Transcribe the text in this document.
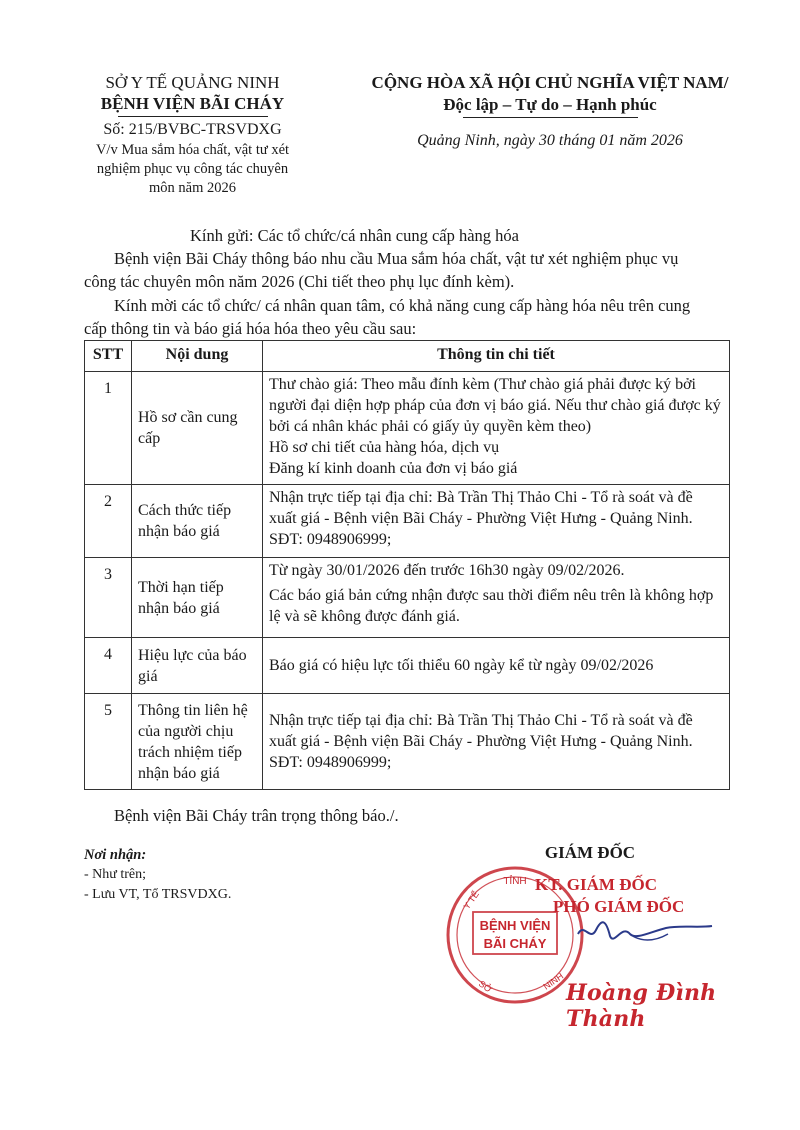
SỞ Y TẾ QUẢNG NINH
BỆNH VIỆN BÃI CHÁY
Số: 215/BVBC-TRSVDXG
V/v Mua sắm hóa chất, vật tư xét
nghiệm phục vụ công tác chuyên
môn năm 2026
CỘNG HÒA XÃ HỘI CHỦ NGHĨA VIỆT NAM/
Độc lập – Tự do – Hạnh phúc
Quảng Ninh, ngày 30 tháng 01 năm 2026
Kính gửi: Các tổ chức/cá nhân cung cấp hàng hóa
Bệnh viện Bãi Cháy thông báo nhu cầu Mua sắm hóa chất, vật tư xét nghiệm phục vụ
công tác chuyên môn năm 2026 (Chi tiết theo phụ lục đính kèm).
Kính mời các tổ chức/ cá nhân quan tâm, có khả năng cung cấp hàng hóa nêu trên cung
cấp thông tin và báo giá hóa hóa theo yêu cầu sau:
STT	Nội dung	Thông tin chi tiết
1	Hồ sơ cần cung cấp	Thư chào giá: Theo mẫu đính kèm (Thư chào giá phải được ký bởi người đại diện hợp pháp của đơn vị báo giá. Nếu thư chào giá được ký bởi cá nhân khác phải có giấy ủy quyền kèm theo)
Hồ sơ chi tiết của hàng hóa, dịch vụ
Đăng kí kinh doanh của đơn vị báo giá

2	Cách thức tiếp nhận báo giá	Nhận trực tiếp tại địa chỉ: Bà Trần Thị Thảo Chi - Tổ rà soát và đề xuất giá - Bệnh viện Bãi Cháy - Phường Việt Hưng - Quảng Ninh. SĐT: 0948906999;

3	Thời hạn tiếp nhận báo giá	Từ ngày 30/01/2026 đến trước 16h30 ngày 09/02/2026.
Các báo giá bản cứng nhận được sau thời điểm nêu trên là không hợp lệ và sẽ không được đánh giá.

4	Hiệu lực của báo giá	Báo giá có hiệu lực tối thiểu 60 ngày kể từ ngày 09/02/2026

5	Thông tin liên hệ của người chịu trách nhiệm tiếp nhận báo giá	Nhận trực tiếp tại địa chỉ: Bà Trần Thị Thảo Chi - Tổ rà soát và đề xuất giá - Bệnh viện Bãi Cháy - Phường Việt Hưng - Quảng Ninh. SĐT: 0948906999;
Bệnh viện Bãi Cháy trân trọng thông báo./.
Nơi nhận:
- Như trên;
- Lưu VT, Tổ TRSVDXG.
GIÁM ĐỐC
KT. GIÁM ĐỐC
PHÓ GIÁM ĐỐC
TỈNH
BỆNH VIỆN
BÃI CHÁY
Y TẾ
SỞ	NINH Hoàng Đình Thành
